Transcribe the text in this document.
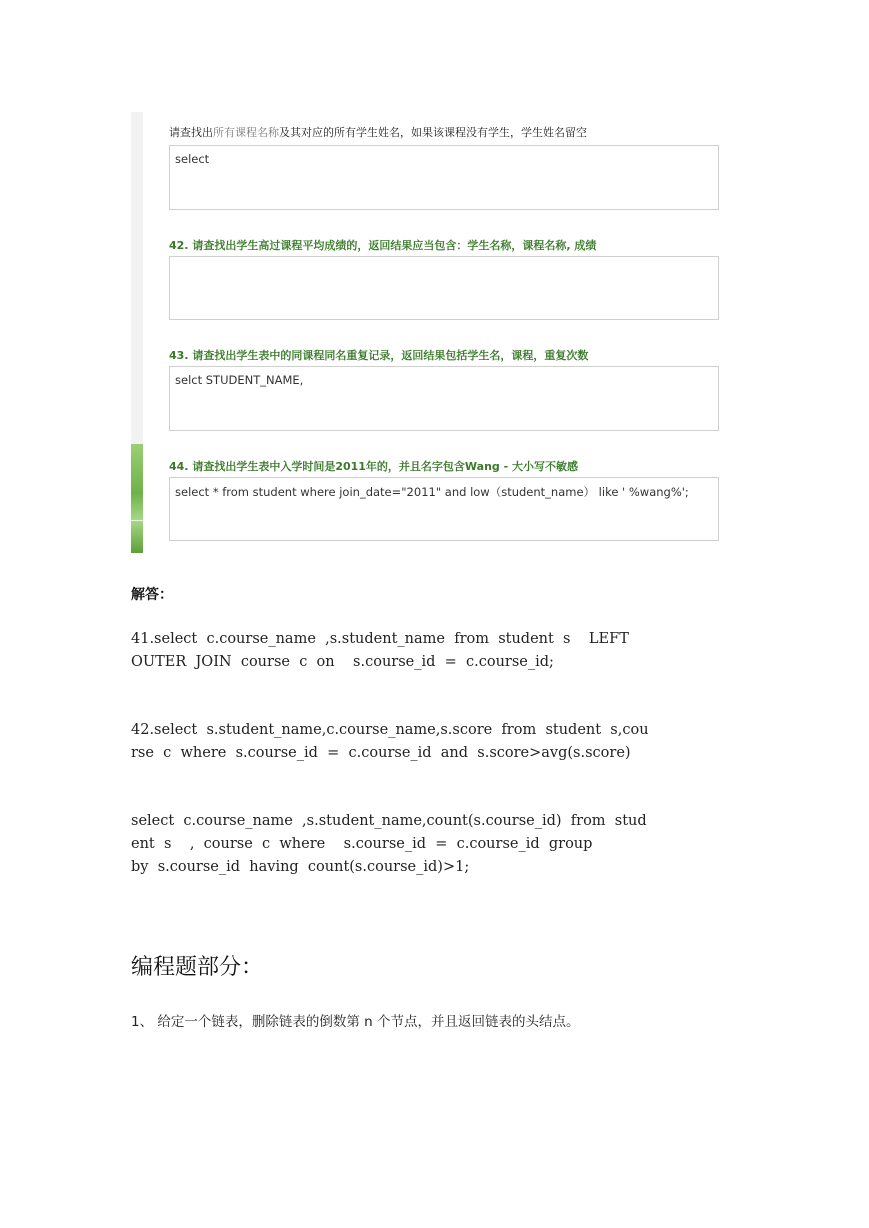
请查找出所有课程名称及其对应的所有学生姓名，如果该课程没有学生，学生姓名留空
select
42. 请查找出学生高过课程平均成绩的，返回结果应当包含：学生名称，课程名称, 成绩
43. 请查找出学生表中的同课程同名重复记录，返回结果包括学生名，课程，重复次数
selct STUDENT_NAME,
44. 请查找出学生表中入学时间是2011年的，并且名字包含Wang - 大小写不敏感
select * from student where join_date="2011" and low（student_name） like ' %wang%';
解答：
41.select  c.course_name  ,s.student_name  from  student  s    LEFT
OUTER  JOIN  course  c  on    s.course_id  =  c.course_id;
42.select  s.student_name,c.course_name,s.score  from  student  s,cou
rse  c  where  s.course_id  =  c.course_id  and  s.score>avg(s.score)
select  c.course_name  ,s.student_name,count(s.course_id)  from  stud
ent  s    ,  course  c  where    s.course_id  =  c.course_id  group
by  s.course_id  having  count(s.course_id)>1;
编程题部分：
1、 给定一个链表，删除链表的倒数第 n 个节点，并且返回链表的头结点。
